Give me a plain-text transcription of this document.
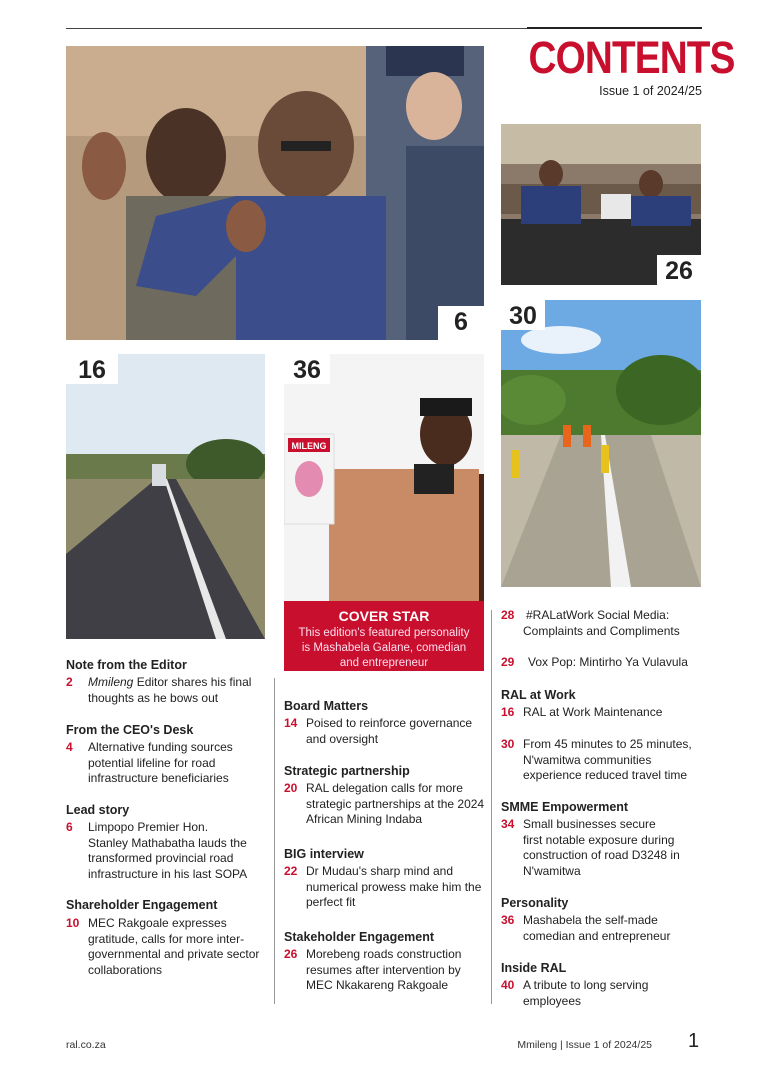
CONTENTS
Issue 1 of 2024/25
6
26
30
16
MILENG
36
COVER STAR
This edition's featured personality
is Mashabela Galane, comedian
and entrepreneur
Note from the Editor
2 Mmileng Editor shares his final
thoughts as he bows out
From the CEO's Desk
4 Alternative funding sources
potential lifeline for road
infrastructure beneficiaries
Lead story
6 Limpopo Premier Hon.
Stanley Mathabatha lauds the
transformed provincial road
infrastructure in his last SOPA
Shareholder Engagement
10 MEC Rakgoale expresses
gratitude, calls for more inter-
governmental and private sector
collaborations
Board Matters
14 Poised to reinforce governance
and oversight
Strategic partnership
20 RAL delegation calls for more
strategic partnerships at the 2024
African Mining Indaba
BIG interview
22 Dr Mudau's sharp mind and
numerical prowess make him the
perfect fit
Stakeholder Engagement
26 Morebeng roads construction
resumes after intervention by
MEC Nkakareng Rakgoale
28 #RALatWork Social Media:
Complaints and Compliments
29 Vox Pop: Mintirho Ya Vulavula
RAL at Work
16 RAL at Work Maintenance
30 From 45 minutes to 25 minutes,
N'wamitwa communities
experience reduced travel time
SMME Empowerment
34 Small businesses secure
first notable exposure during
construction of road D3248 in
N'wamitwa
Personality
36 Mashabela the self-made
comedian and entrepreneur
Inside RAL
40 A tribute to long serving
employees
ral.co.za	Mmileng | Issue 1 of 2024/25 1
